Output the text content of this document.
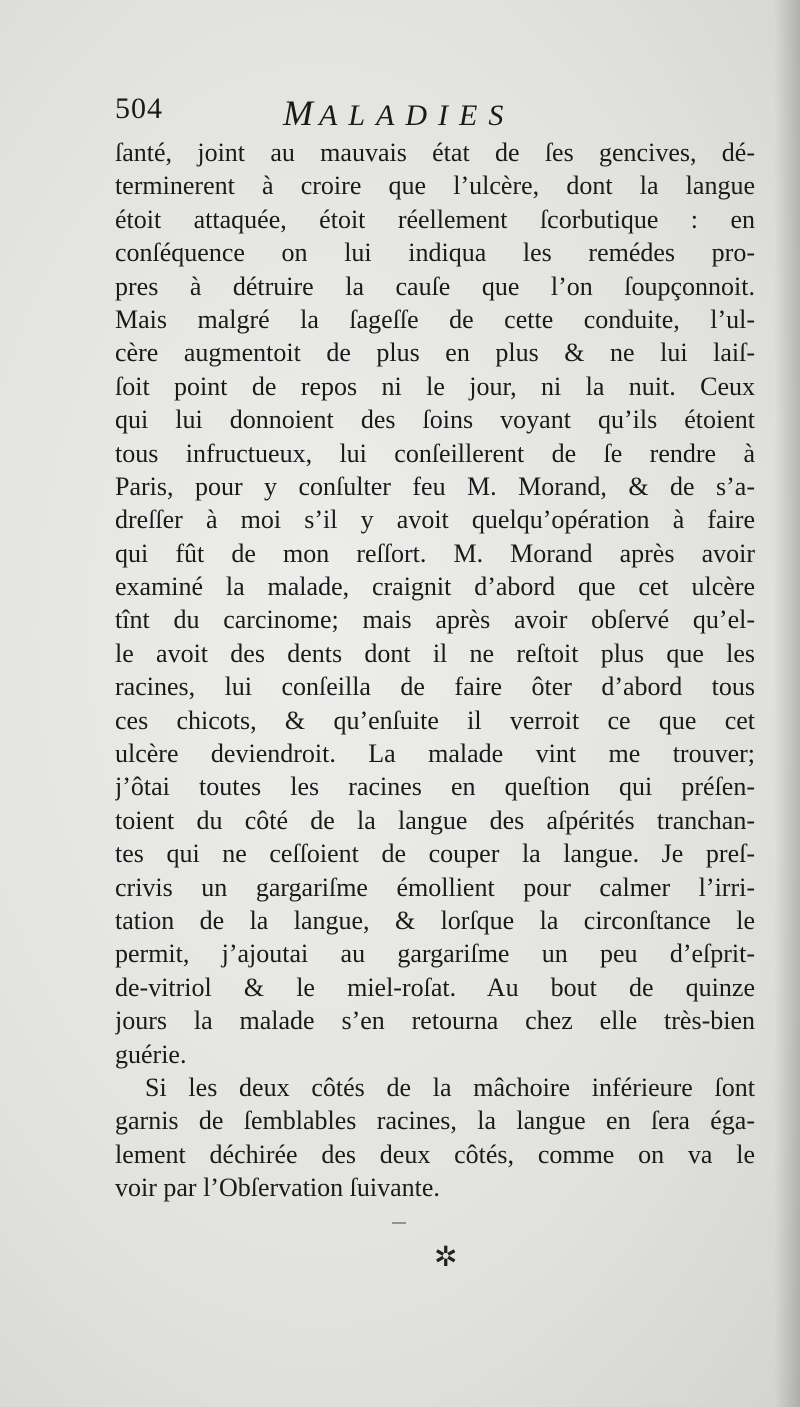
504	MALADIES
ſanté, joint au mauvais état de ſes gencives, dé-
terminerent à croire que l’ulcère, dont la langue
étoit attaquée, étoit réellement ſcorbutique : en
conſéquence on lui indiqua les remédes pro-
pres à détruire la cauſe que l’on ſoupçonnoit.
Mais malgré la ſageſſe de cette conduite, l’ul-
cère augmentoit de plus en plus & ne lui laiſ-
ſoit point de repos ni le jour, ni la nuit. Ceux
qui lui donnoient des ſoins voyant qu’ils étoient
tous infructueux, lui conſeillerent de ſe rendre à
Paris, pour y conſulter feu M. Morand, & de s’a-
dreſſer à moi s’il y avoit quelqu’opération à faire
qui fût de mon reſſort. M. Morand après avoir
examiné la malade, craignit d’abord que cet ulcère
tînt du carcinome; mais après avoir obſervé qu’el-
le avoit des dents dont il ne reſtoit plus que les
racines, lui conſeilla de faire ôter d’abord tous
ces chicots, & qu’enſuite il verroit ce que cet
ulcère deviendroit. La malade vint me trouver;
j’ôtai toutes les racines en queſtion qui préſen-
toient du côté de la langue des aſpérités tranchan-
tes qui ne ceſſoient de couper la langue. Je preſ-
crivis un gargariſme émollient pour calmer l’irri-
tation de la langue, & lorſque la circonſtance le
permit, j’ajoutai au gargariſme un peu d’eſprit-
de-vitriol & le miel-roſat. Au bout de quinze
jours la malade s’en retourna chez elle très-bien
guérie.
Si les deux côtés de la mâchoire inférieure ſont
garnis de ſemblables racines, la langue en ſera éga-
lement déchirée des deux côtés, comme on va le
voir par l’Obſervation ſuivante.
✲
